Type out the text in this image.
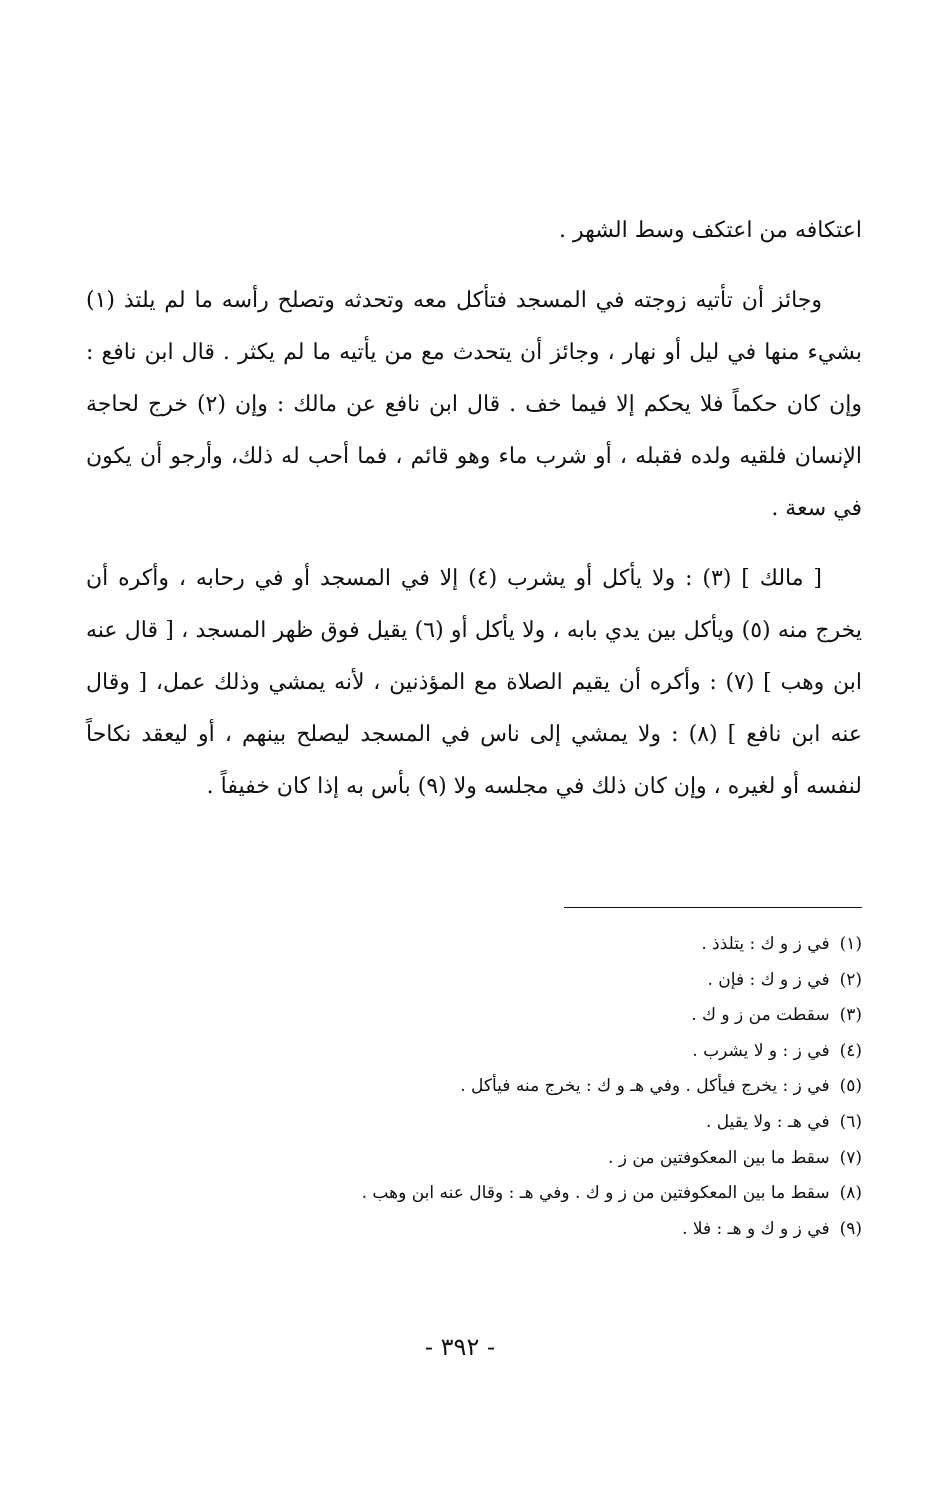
اعتكافه من اعتكف وسط الشهر .

وجائز أن تأتيه زوجته في المسجد فتأكل معه وتحدثه وتصلح رأسه ما لم يلتذ (١) بشيء منها في ليل أو نهار ، وجائز أن يتحدث مع من يأتيه ما لم يكثر . قال ابن نافع : وإن كان حكماً فلا يحكم إلا فيما خف . قال ابن نافع عن مالك : وإن (٢) خرج لحاجة الإنسان فلقيه ولده فقبله ، أو شرب ماء وهو قائم ، فما أحب له ذلك، وأرجو أن يكون في سعة .

[ مالك ] (٣) : ولا يأكل أو يشرب (٤) إلا في المسجد أو في رحابه ، وأكره أن يخرج منه (٥) ويأكل بين يدي بابه ، ولا يأكل أو (٦) يقيل فوق ظهر المسجد ، [ قال عنه ابن وهب ] (٧) : وأكره أن يقيم الصلاة مع المؤذنين ، لأنه يمشي وذلك عمل، [ وقال عنه ابن نافع ] (٨) : ولا يمشي إلى ناس في المسجد ليصلح بينهم ، أو ليعقد نكاحاً لنفسه أو لغيره ، وإن كان ذلك في مجلسه ولا (٩) بأس به إذا كان خفيفاً .

(١)في ز و ك : يتلذذ .
(٢)في ز و ك : فإن .
(٣)سقطت من ز و ك .
(٤)في ز : و لا يشرب .
(٥)في ز : يخرج فيأكل . وفي هـ و ك : يخرج منه فيأكل .
(٦)في هـ : ولا يقيل .
(٧)سقط ما بين المعكوفتين من ز .
(٨)سقط ما بين المعكوفتين من ز و ك . وفي هـ : وقال عنه ابن وهب .
(٩)في ز و ك و هـ : فلا .
- ٣٩٢ -
